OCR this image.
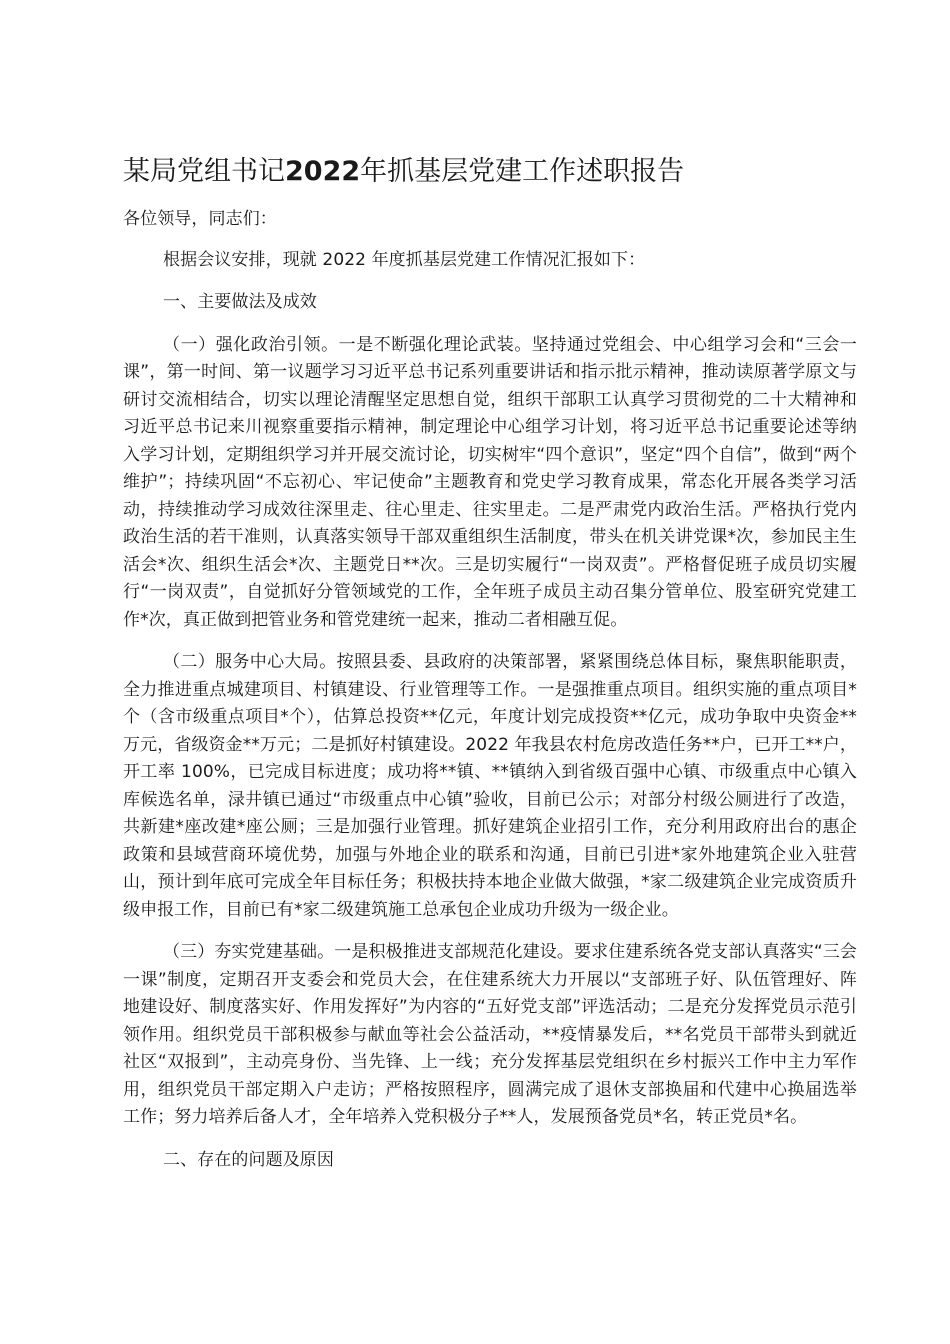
某局党组书记2022年抓基层党建工作述职报告

各位领导，同志们：

根据会议安排，现就 2022 年度抓基层党建工作情况汇报如下：

一、主要做法及成效

（一）强化政治引领。一是不断强化理论武装。坚持通过党组会、中心组学习会和“三会一课”，第一时间、第一议题学习习近平总书记系列重要讲话和指示批示精神，推动读原著学原文与研讨交流相结合，切实以理论清醒坚定思想自觉，组织干部职工认真学习贯彻党的二十大精神和习近平总书记来川视察重要指示精神，制定理论中心组学习计划，将习近平总书记重要论述等纳入学习计划，定期组织学习并开展交流讨论，切实树牢“四个意识”，坚定“四个自信”，做到“两个维护”；持续巩固“不忘初心、牢记使命”主题教育和党史学习教育成果，常态化开展各类学习活动，持续推动学习成效往深里走、往心里走、往实里走。二是严肃党内政治生活。严格执行党内政治生活的若干准则，认真落实领导干部双重组织生活制度，带头在机关讲党课*次，参加民主生活会*次、组织生活会*次、主题党日**次。三是切实履行“一岗双责”。严格督促班子成员切实履行“一岗双责”，自觉抓好分管领域党的工作，全年班子成员主动召集分管单位、股室研究党建工作*次，真正做到把管业务和管党建统一起来，推动二者相融互促。

（二）服务中心大局。按照县委、县政府的决策部署，紧紧围绕总体目标，聚焦职能职责，全力推进重点城建项目、村镇建设、行业管理等工作。一是强推重点项目。组织实施的重点项目*个（含市级重点项目*个），估算总投资**亿元，年度计划完成投资**亿元，成功争取中央资金**万元，省级资金**万元；二是抓好村镇建设。2022 年我县农村危房改造任务**户，已开工**户，开工率 100%，已完成目标进度；成功将**镇、**镇纳入到省级百强中心镇、市级重点中心镇入库候选名单，渌井镇已通过“市级重点中心镇”验收，目前已公示；对部分村级公厕进行了改造，共新建*座改建*座公厕；三是加强行业管理。抓好建筑企业招引工作，充分利用政府出台的惠企政策和县域营商环境优势，加强与外地企业的联系和沟通，目前已引进*家外地建筑企业入驻营山，预计到年底可完成全年目标任务；积极扶持本地企业做大做强，*家二级建筑企业完成资质升级申报工作，目前已有*家二级建筑施工总承包企业成功升级为一级企业。

（三）夯实党建基础。一是积极推进支部规范化建设。要求住建系统各党支部认真落实“三会一课”制度，定期召开支委会和党员大会，在住建系统大力开展以“支部班子好、队伍管理好、阵地建设好、制度落实好、作用发挥好”为内容的“五好党支部”评选活动；二是充分发挥党员示范引领作用。组织党员干部积极参与献血等社会公益活动，**疫情暴发后，**名党员干部带头到就近社区“双报到”，主动亮身份、当先锋、上一线；充分发挥基层党组织在乡村振兴工作中主力军作用，组织党员干部定期入户走访；严格按照程序，圆满完成了退休支部换届和代建中心换届选举工作；努力培养后备人才，全年培养入党积极分子**人，发展预备党员*名，转正党员*名。

二、存在的问题及原因
